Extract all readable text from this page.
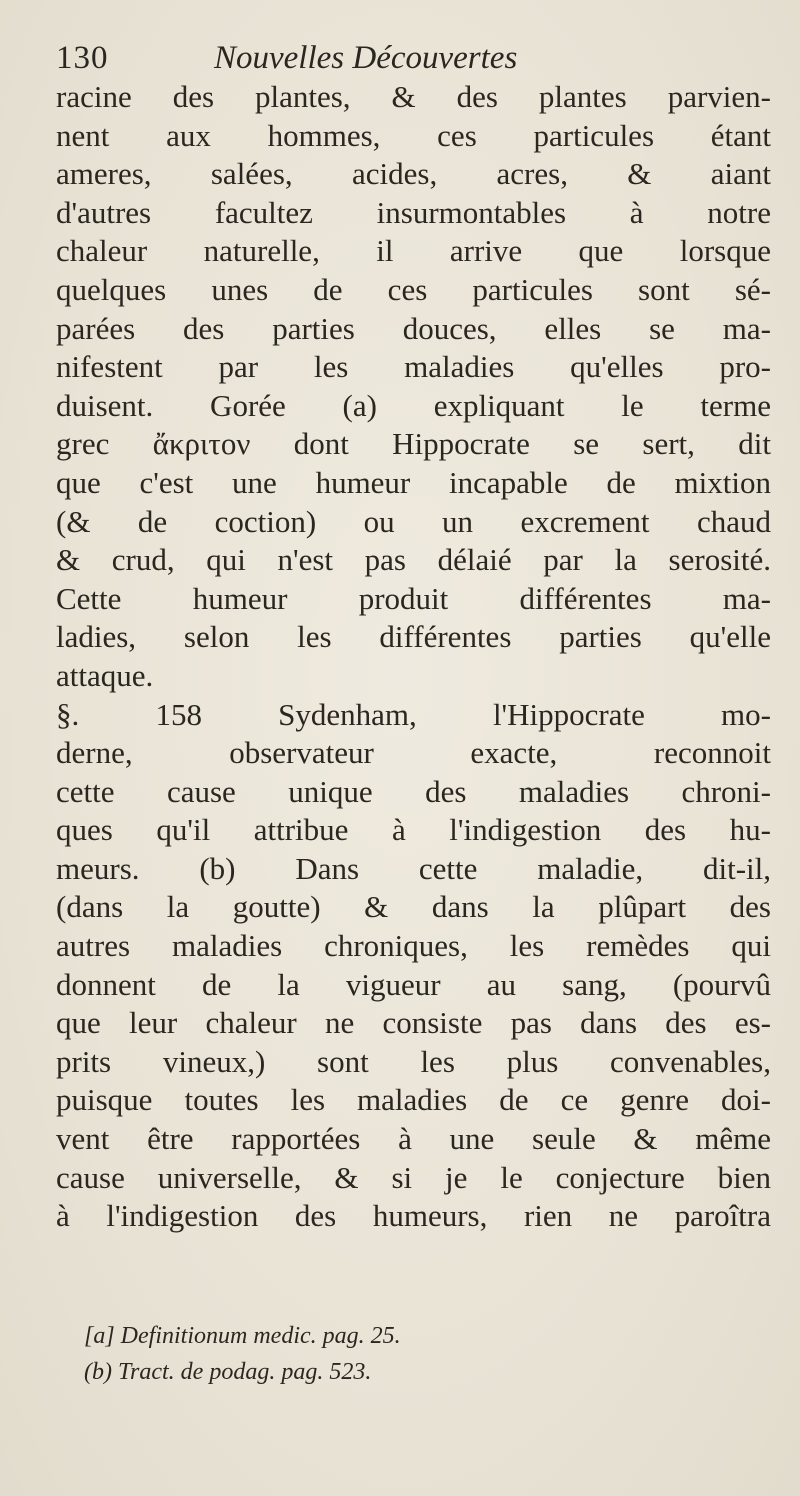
130	Nouvelles Découvertes
racine des plantes, & des plantes parvien-
nent aux hommes, ces particules étant
ameres, salées, acides, acres, & aiant
d'autres facultez insurmontables à notre
chaleur naturelle, il arrive que lorsque
quelques unes de ces particules sont sé-
parées des parties douces, elles se ma-
nifestent par les maladies qu'elles pro-
duisent. Gorée (a) expliquant le terme
grec ἄκριτον dont Hippocrate se sert, dit
que c'est une humeur incapable de mixtion
(& de coction) ou un excrement chaud
& crud, qui n'est pas délaié par la serosité.
Cette humeur produit différentes ma-
ladies, selon les différentes parties qu'elle
attaque.
§. 158 Sydenham, l'Hippocrate mo-
derne, observateur exacte, reconnoit
cette cause unique des maladies chroni-
ques qu'il attribue à l'indigestion des hu-
meurs. (b) Dans cette maladie, dit-il,
(dans la goutte) & dans la plûpart des
autres maladies chroniques, les remèdes qui
donnent de la vigueur au sang, (pourvû
que leur chaleur ne consiste pas dans des es-
prits vineux,) sont les plus convenables,
puisque toutes les maladies de ce genre doi-
vent être rapportées à une seule & même
cause universelle, & si je le conjecture bien
à l'indigestion des humeurs, rien ne paroîtra
[a] Definitionum medic. pag. 25.
(b) Tract. de podag. pag. 523.
